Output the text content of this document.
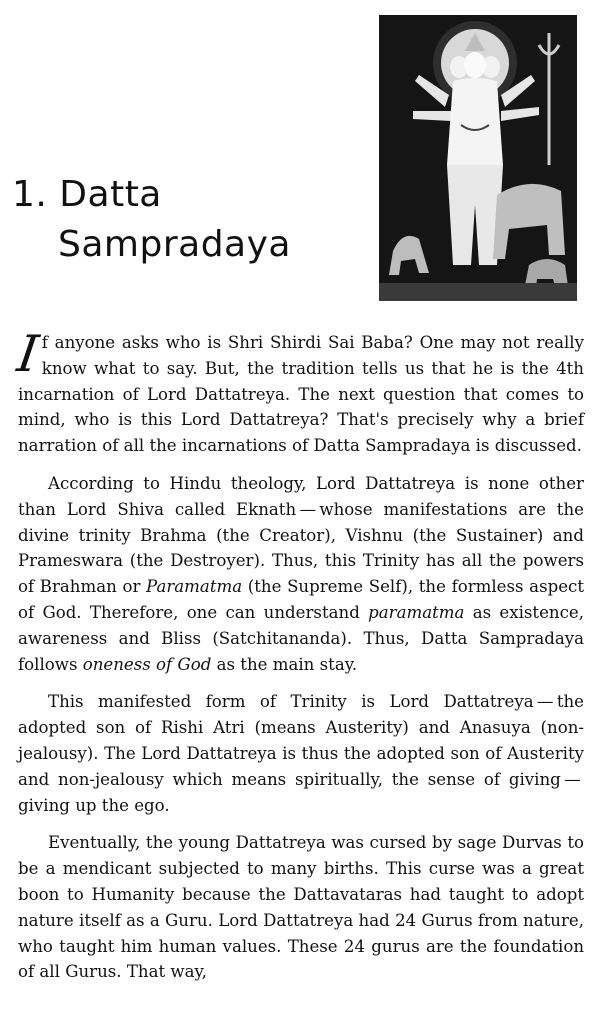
1. Datta
Sampradaya

If anyone asks who is Shri Shirdi Sai Baba? One may not really know what to say. But, the tradition tells us that he is the 4th incarnation of Lord Dattatreya. The next question that comes to mind, who is this Lord Dattatreya? That's precisely why a brief narration of all the incarnations of Datta Sampradaya is discussed.

According to Hindu theology, Lord Dattatreya is none other than Lord Shiva called Eknath — whose manifestations are the divine trinity Brahma (the Creator), Vishnu (the Sustainer) and Prameswara (the Destroyer). Thus, this Trinity has all the powers of Brahman or Paramatma (the Supreme Self), the formless aspect of God. Therefore, one can understand paramatma as existence, awareness and Bliss (Satchitananda). Thus, Datta Sampradaya follows oneness of God as the main stay.

This manifested form of Trinity is Lord Dattatreya — the adopted son of Rishi Atri (means Austerity) and Anasuya (non-jealousy). The Lord Dattatreya is thus the adopted son of Austerity and non-jealousy which means spiritually, the sense of giving — giving up the ego.

Eventually, the young Dattatreya was cursed by sage Durvas to be a mendicant subjected to many births. This curse was a great boon to Humanity because the Dattavataras had taught to adopt nature itself as a Guru. Lord Dattatreya had 24 Gurus from nature, who taught him human values. These 24 gurus are the foundation of all Gurus. That way,
